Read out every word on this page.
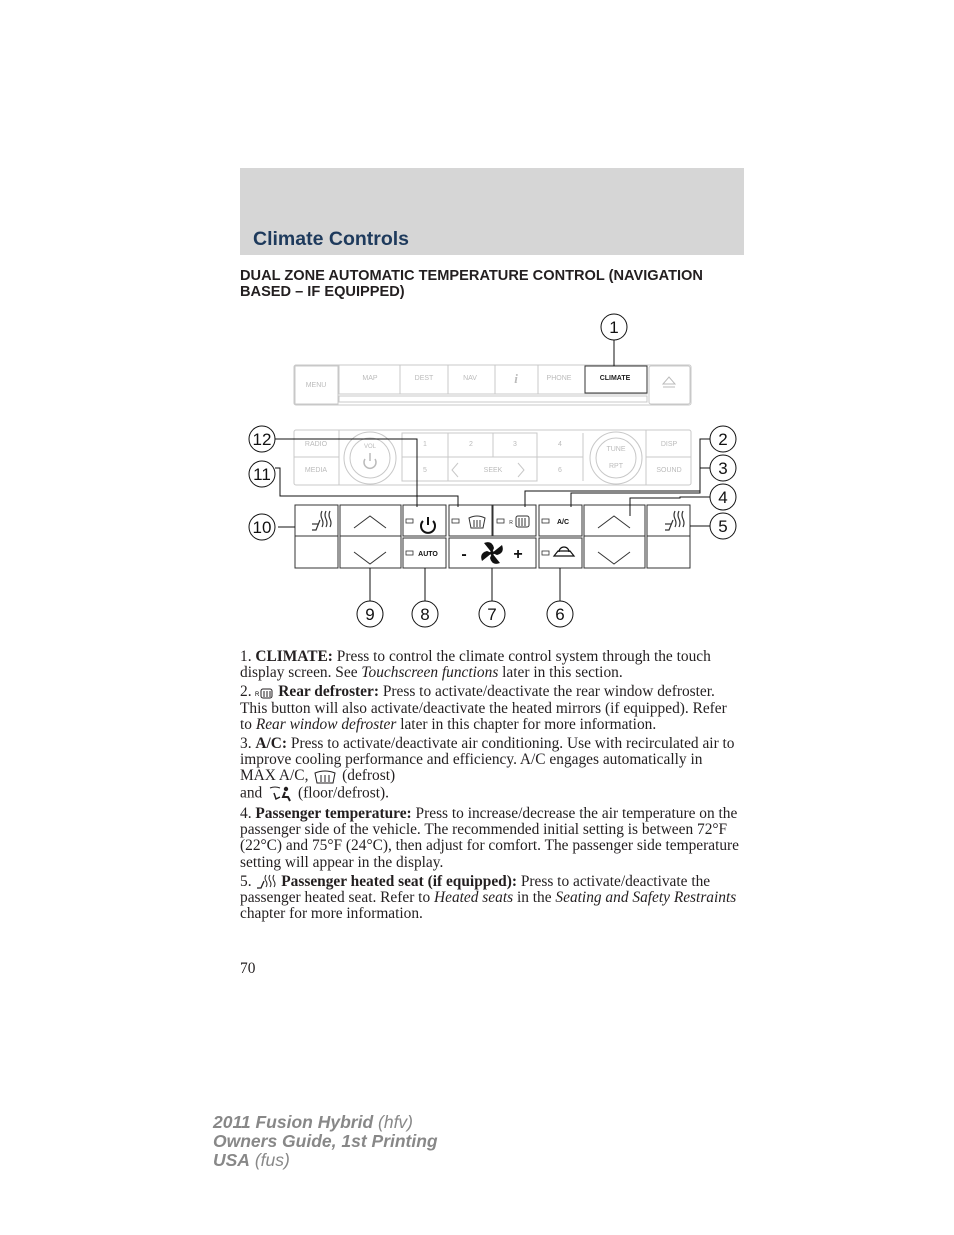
Climate Controls
DUAL ZONE AUTOMATIC TEMPERATURE CONTROL (NAVIGATION BASED – IF EQUIPPED)
MENU
MAP	DEST	NAV	i	PHONE	CLIMATE
RADIO
MEDIA
VOL	1	2	3	4
5	SEEK	6
TUNE
RPT
DISP
SOUND
AUTO
R
-	+
A/C
1
2
3
4
5
6
7
8
9
10
11
12

1. CLIMATE: Press to control the climate control system through the touch display screen. See Touchscreen functions later in this section.

2. R Rear defroster: Press to activate/deactivate the rear window defroster. This button will also activate/deactivate the heated mirrors (if equipped). Refer to Rear window defroster later in this chapter for more information.

3. A/C: Press to activate/deactivate air conditioning. Use with recirculated air to improve cooling performance and efficiency. A/C engages automatically in MAX A/C, (defrost)
and (floor/defrost).

4. Passenger temperature: Press to increase/decrease the air temperature on the passenger side of the vehicle. The recommended initial setting is between 72°F (22°C) and 75°F (24°C), then adjust for comfort. The passenger side temperature setting will appear in the display.

5. Passenger heated seat (if equipped): Press to activate/deactivate the passenger heated seat. Refer to Heated seats in the Seating and Safety Restraints chapter for more information.

70
2011 Fusion Hybrid (hfv)
Owners Guide, 1st Printing
USA (fus)
